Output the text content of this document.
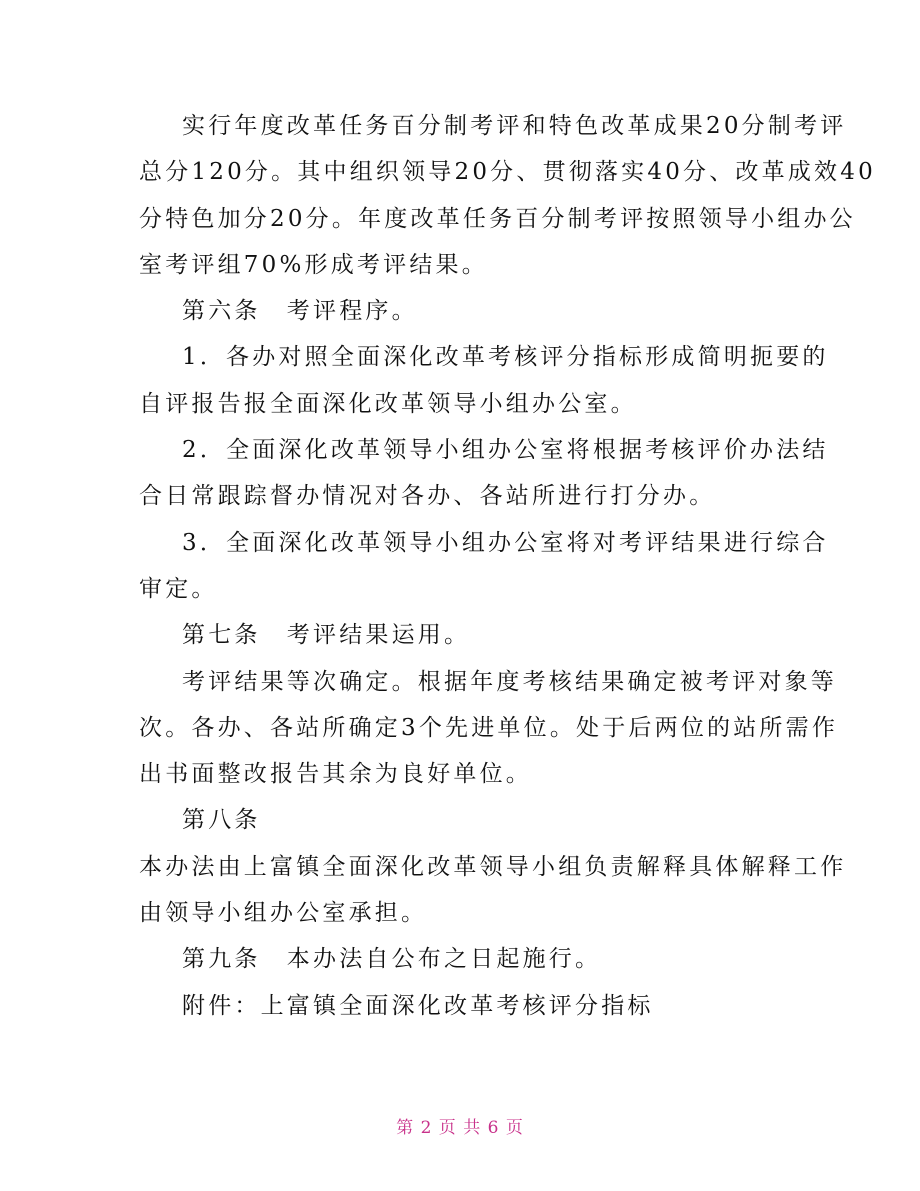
实行年度改革任务百分制考评和特色改革成果20分制考评
总分120分。其中组织领导20分、贯彻落实40分、改革成效40
分特色加分20分。年度改革任务百分制考评按照领导小组办公
室考评组70%形成考评结果。
第六条　考评程序。
1．各办对照全面深化改革考核评分指标形成简明扼要的
自评报告报全面深化改革领导小组办公室。
2．全面深化改革领导小组办公室将根据考核评价办法结
合日常跟踪督办情况对各办、各站所进行打分办。
3．全面深化改革领导小组办公室将对考评结果进行综合
审定。
第七条　考评结果运用。
考评结果等次确定。根据年度考核结果确定被考评对象等
次。各办、各站所确定3个先进单位。处于后两位的站所需作
出书面整改报告其余为良好单位。
第八条
本办法由上富镇全面深化改革领导小组负责解释具体解释工作
由领导小组办公室承担。
第九条　本办法自公布之日起施行。
附件：上富镇全面深化改革考核评分指标
第 2 页 共 6 页
